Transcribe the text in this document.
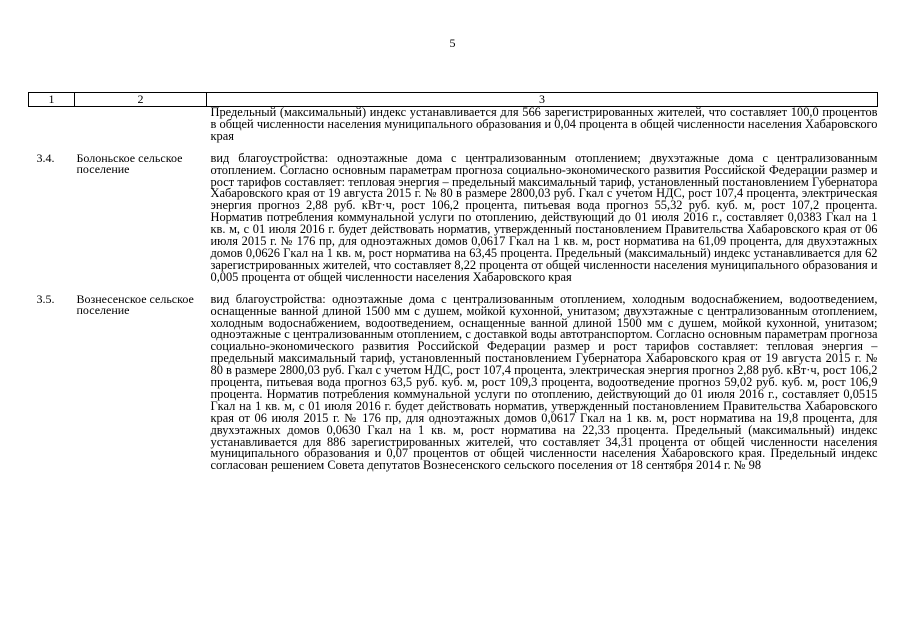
5
1	2	3
		Предельный (максимальный) индекс устанавливается для 566 зарегистрированных жителей, что составляет 100,0 процентов в общей численности населения муниципального образования и 0,04 процента в общей численности населения Хабаровского края

3.4.	Болоньское сельское поселение	вид благоустройства: одноэтажные дома с централизованным отоплением; двухэтажные дома с централизованным отоплением. Согласно основным параметрам прогноза социально-экономического развития Российской Федерации размер и рост тарифов составляет: тепловая энергия – предельный максимальный тариф, установленный постановлением Губернатора Хабаровского края от 19 августа 2015 г. № 80 в размере 2800,03 руб. Гкал с учетом НДС, рост 107,4 процента, электрическая энергия прогноз 2,88 руб. кВт·ч, рост 106,2 процента, питьевая вода прогноз 55,32 руб. куб. м, рост 107,2 процента. Норматив потребления коммунальной услуги по отоплению, действующий до 01 июля 2016 г., составляет 0,0383 Гкал на 1 кв. м, с 01 июля 2016 г. будет действовать норматив, утвержденный постановлением Правительства Хабаровского края от 06 июля 2015 г. № 176 пр, для одноэтажных домов 0,0617 Гкал на 1 кв. м, рост норматива на 61,09 процента, для двухэтажных домов 0,0626 Гкал на 1 кв. м, рост норматива на 63,45 процента. Предельный (максимальный) индекс устанавливается для 62 зарегистрированных жителей, что составляет 8,22 процента от общей численности населения муниципального образования и 0,005 процента от общей численности населения Хабаровского края

3.5.	Вознесенское сельское поселение	вид благоустройства: одноэтажные дома с централизованным отоплением, холодным водоснабжением, водоотведением, оснащенные ванной длиной 1500 мм с душем, мойкой кухонной, унитазом; двухэтажные с централизованным отоплением, холодным водоснабжением, водоотведением, оснащенные ванной длиной 1500 мм с душем, мойкой кухонной, унитазом; одноэтажные с централизованным отоплением, с доставкой воды автотранспортом. Согласно основным параметрам прогноза социально-экономического развития Российской Федерации размер и рост тарифов составляет: тепловая энергия – предельный максимальный тариф, установленный постановлением Губернатора Хабаровского края от 19 августа 2015 г. № 80 в размере 2800,03 руб. Гкал с учетом НДС, рост 107,4 процента, электрическая энергия прогноз 2,88 руб. кВт·ч, рост 106,2 процента, питьевая вода прогноз 63,5 руб. куб. м, рост 109,3 процента, водоотведение прогноз 59,02 руб. куб. м, рост 106,9 процента. Норматив потребления коммунальной услуги по отоплению, действующий до 01 июля 2016 г., составляет 0,0515 Гкал на 1 кв. м, с 01 июля 2016 г. будет действовать норматив, утвержденный постановлением Правительства Хабаровского края от 06 июля 2015 г. № 176 пр, для одноэтажных домов 0,0617 Гкал на 1 кв. м, рост норматива на 19,8 процента, для двухэтажных домов 0,0630 Гкал на 1 кв. м, рост норматива на 22,33 процента. Предельный (максимальный) индекс устанавливается для 886 зарегистрированных жителей, что составляет 34,31 процента от общей численности населения муниципального образования и 0,07 процентов от общей численности населения Хабаровского края. Предельный индекс согласован решением Совета депутатов Вознесенского сельского поселения от 18 сентября 2014 г. № 98
